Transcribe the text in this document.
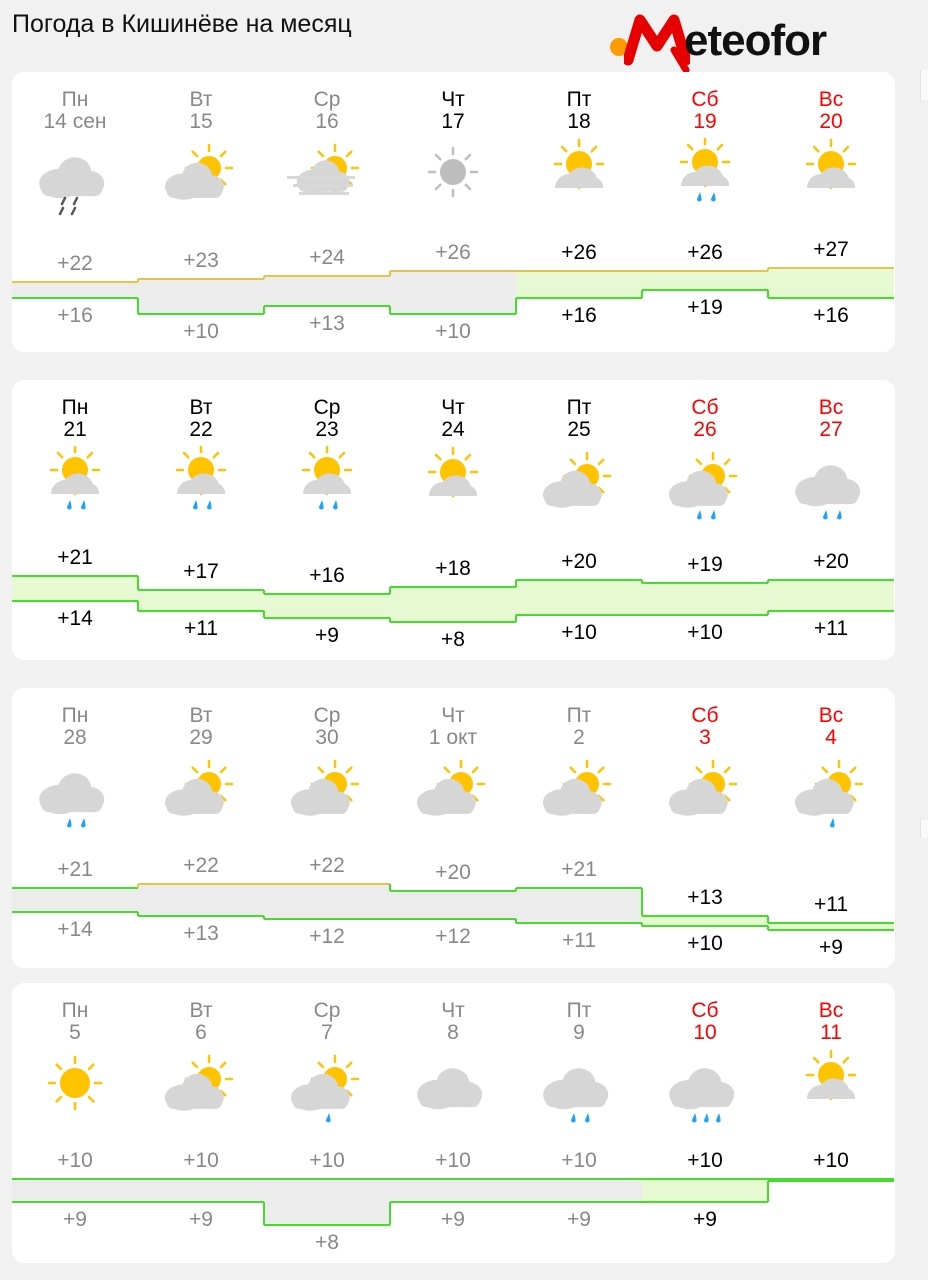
Погода в Кишинёве на месяц	eteofor
Пн
14 сен
+22
+16
Вт
15
+23
+10
Ср
16
+24
+13
Чт
17
+26
+10
Пт
18
+26
+16
Сб
19
+26
+19
Вс
20
+27
+16
Пн
21
+21
+14
Вт
22
+17
+11
Ср
23
+16
+9
Чт
24
+18
+8
Пт
25
+20
+10
Сб
26
+19
+10
Вс
27
+20
+11
Пн
28
+21
+14
Вт
29
+22
+13
Ср
30
+22
+12
Чт
1 окт
+20
+12
Пт
2
+21
+11
Сб
3
+13
+10
Вс
4
+11
+9
Пн
5
+10
+9
Вт
6
+10
+9
Ср
7
+10
+8
Чт
8
+10
+9
Пт
9
+10
+9
Сб
10
+10
+9
Вс
11
+10
